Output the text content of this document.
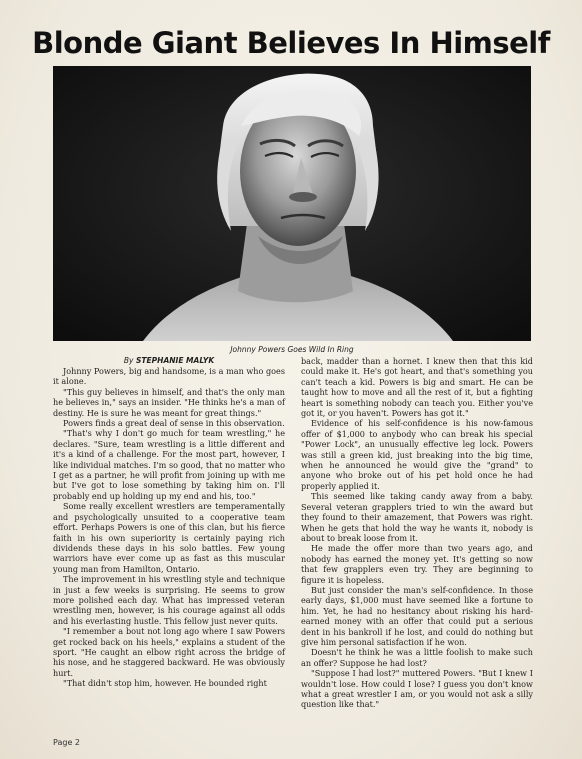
Blonde Giant Believes In Himself
Johnny Powers Goes Wild In Ring
By STEPHANIE MALYK

Johnny Powers, big and handsome, is a man who goes it alone.

"This guy believes in himself, and that's the only man he believes in," says an insider. "He thinks he's a man of destiny. He is sure he was meant for great things."

Powers finds a great deal of sense in this observation.

"That's why I don't go much for team wrestling," he declares. "Sure, team wrestling is a little different and it's a kind of a challenge. For the most part, however, I like individual matches. I'm so good, that no matter who I get as a partner, he will profit from joining up with me but I've got to lose something by taking him on. I'll probably end up holding up my end and his, too."

Some really excellent wrestlers are temperamentally and psychologically unsuited to a cooperative team effort. Perhaps Powers is one of this clan, but his fierce faith in his own superiority is certainly paying rich dividends these days in his solo battles. Few young warriors have ever come up as fast as this muscular young man from Hamilton, Ontario.

The improvement in his wrestling style and technique in just a few weeks is surprising. He seems to grow more polished each day. What has impressed veteran wrestling men, however, is his courage against all odds and his everlasting hustle. This fellow just never quits.

"I remember a bout not long ago where I saw Powers get rocked back on his heels," explains a student of the sport. "He caught an elbow right across the bridge of his nose, and he staggered backward. He was obviously hurt.

"That didn't stop him, however. He bounded right

back, madder than a hornet. I knew then that this kid could make it. He's got heart, and that's something you can't teach a kid. Powers is big and smart. He can be taught how to move and all the rest of it, but a fighting heart is something nobody can teach you. Either you've got it, or you haven't. Powers has got it."

Evidence of his self-confidence is his now-famous offer of $1,000 to anybody who can break his special "Power Lock", an unusually effective leg lock. Powers was still a green kid, just breaking into the big time, when he announced he would give the "grand" to anyone who broke out of his pet hold once he had properly applied it.

This seemed like taking candy away from a baby. Several veteran grapplers tried to win the award but they found to their amazement, that Powers was right. When he gets that hold the way he wants it, nobody is about to break loose from it.

He made the offer more than two years ago, and nobody has earned the money yet. It's getting so now that few grapplers even try. They are beginning to figure it is hopeless.

But just consider the man's self-confidence. In those early days, $1,000 must have seemed like a fortune to him. Yet, he had no hesitancy about risking his hard-earned money with an offer that could put a serious dent in his bankroll if he lost, and could do nothing but give him personal satisfaction if he won.

Doesn't he think he was a little foolish to make such an offer? Suppose he had lost?

"Suppose I had lost?" muttered Powers. "But I knew I wouldn't lose. How could I lose? I guess you don't know what a great wrestler I am, or you would not ask a silly question like that."

Page 2
